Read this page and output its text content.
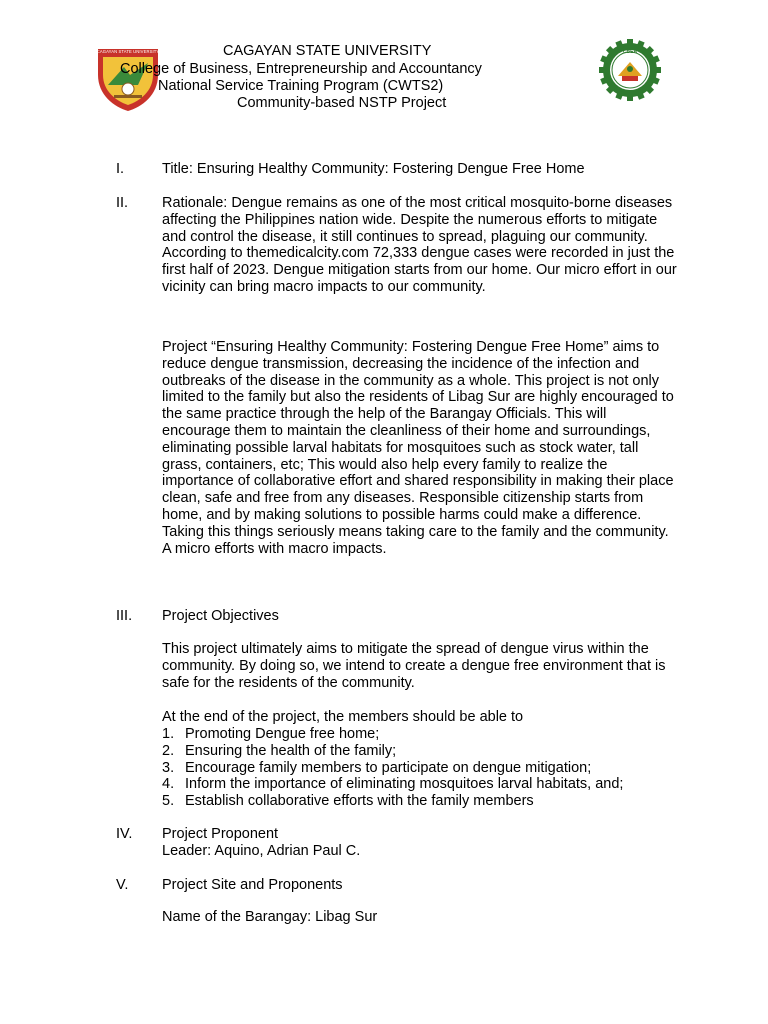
CAGAYAN STATE UNIVERSITY	CBEA
CAGAYAN STATE UNIVERSITY
College of Business, Entrepreneurship and Accountancy
National Service Training Program (CWTS2)
Community-based NSTP Project
I.	Title: Ensuring Healthy Community: Fostering Dengue Free Home
II. Rationale: Dengue remains as one of the most critical mosquito-borne diseases affecting the Philippines nation wide. Despite the numerous efforts to mitigate and control the disease, it still continues to spread, plaguing our community. According to themedicalcity.com 72,333 dengue cases were recorded in just the first half of 2023. Dengue mitigation starts from our home. Our micro effort in our vicinity can bring macro impacts to our community.

Project “Ensuring Healthy Community: Fostering Dengue Free Home” aims to reduce dengue transmission, decreasing the incidence of the infection and outbreaks of the disease in the community as a whole. This project is not only limited to the family but also the residents of Libag Sur are highly encouraged to the same practice through the help of the Barangay Officials. This will encourage them to maintain the cleanliness of their home and surroundings, eliminating possible larval habitats for mosquitoes such as stock water, tall grass, containers, etc; This would also help every family to realize the importance of collaborative effort and shared responsibility in making their place clean, safe and free from any diseases. Responsible citizenship starts from home, and by making solutions to possible harms could make a difference. Taking this things seriously means taking care to the family and the community. A micro efforts with macro impacts.

III. Project Objectives

This project ultimately aims to mitigate the spread of dengue virus within the community. By doing so, we intend to create a dengue free environment that is safe for the residents of the community.

At the end of the project, the members should be able to
1. Promoting Dengue free home;
2. Ensuring the health of the family;
3. Encourage family members to participate on dengue mitigation;
4. Inform the importance of eliminating mosquitoes larval habitats, and;
5. Establish collaborative efforts with the family members
IV. Project Proponent
Leader: Aquino, Adrian Paul C.
V. Project Site and Proponents
Name of the Barangay: Libag Sur
